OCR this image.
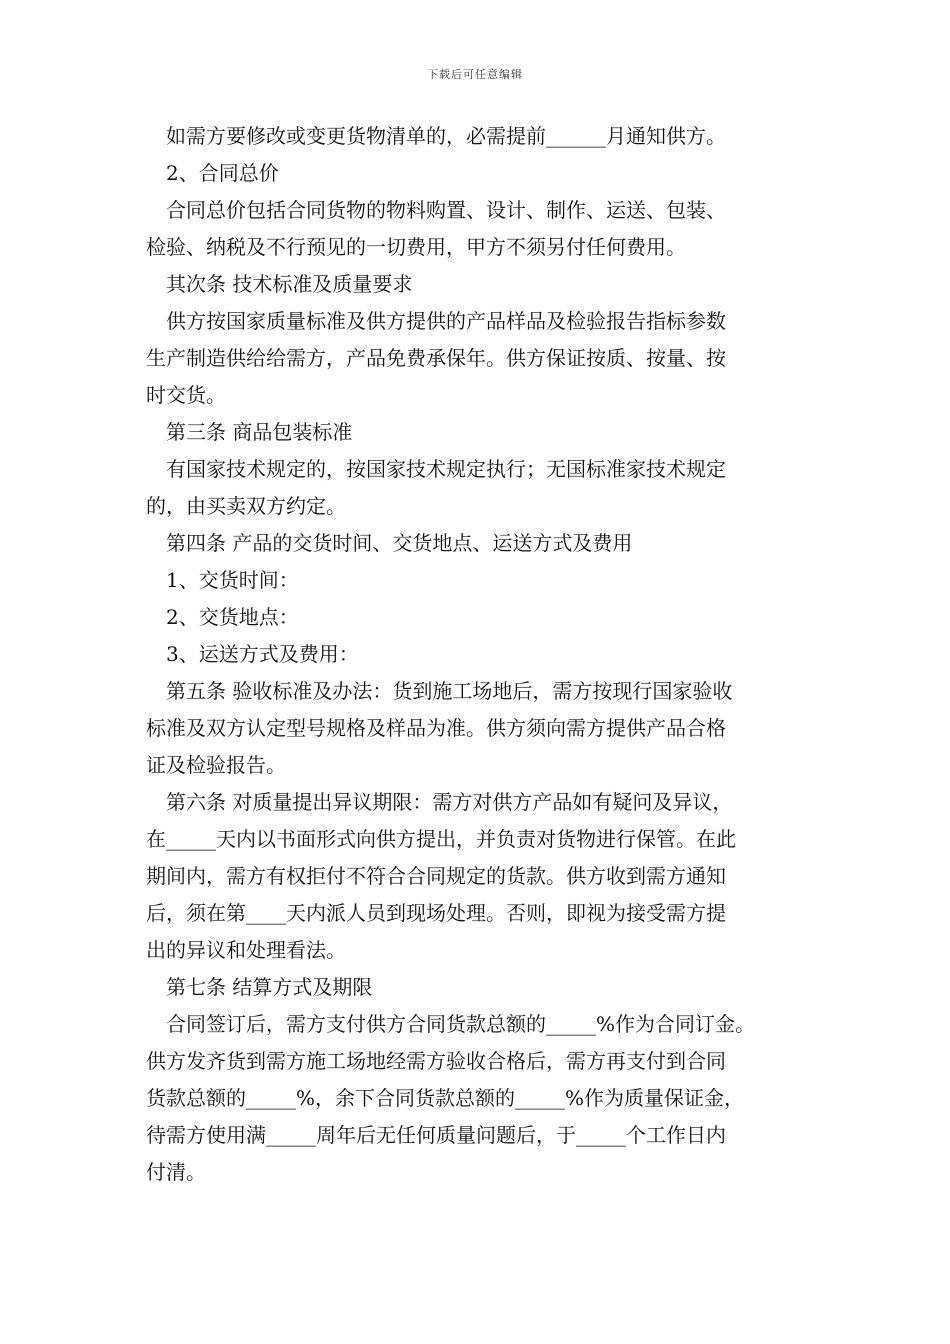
下载后可任意编辑
如需方要修改或变更货物清单的，必需提前______月通知供方。
2、合同总价
合同总价包括合同货物的物料购置、设计、制作、运送、包装、
检验、纳税及不行预见的一切费用，甲方不须另付任何费用。
其次条 技术标准及质量要求
供方按国家质量标准及供方提供的产品样品及检验报告指标参数
生产制造供给给需方，产品免费承保年。供方保证按质、按量、按
时交货。
第三条 商品包装标准
有国家技术规定的，按国家技术规定执行；无国标准家技术规定
的，由买卖双方约定。
第四条 产品的交货时间、交货地点、运送方式及费用
1、交货时间：
2、交货地点：
3、运送方式及费用：
第五条 验收标准及办法：货到施工场地后，需方按现行国家验收
标准及双方认定型号规格及样品为准。供方须向需方提供产品合格
证及检验报告。
第六条 对质量提出异议期限：需方对供方产品如有疑问及异议，
在_____天内以书面形式向供方提出，并负责对货物进行保管。在此
期间内，需方有权拒付不符合合同规定的货款。供方收到需方通知
后，须在第____天内派人员到现场处理。否则，即视为接受需方提
出的异议和处理看法。
第七条 结算方式及期限
合同签订后，需方支付供方合同货款总额的_____%作为合同订金。
供方发齐货到需方施工场地经需方验收合格后，需方再支付到合同
货款总额的_____%，余下合同货款总额的_____%作为质量保证金，
待需方使用满_____周年后无任何质量问题后，于_____个工作日内
付清。
